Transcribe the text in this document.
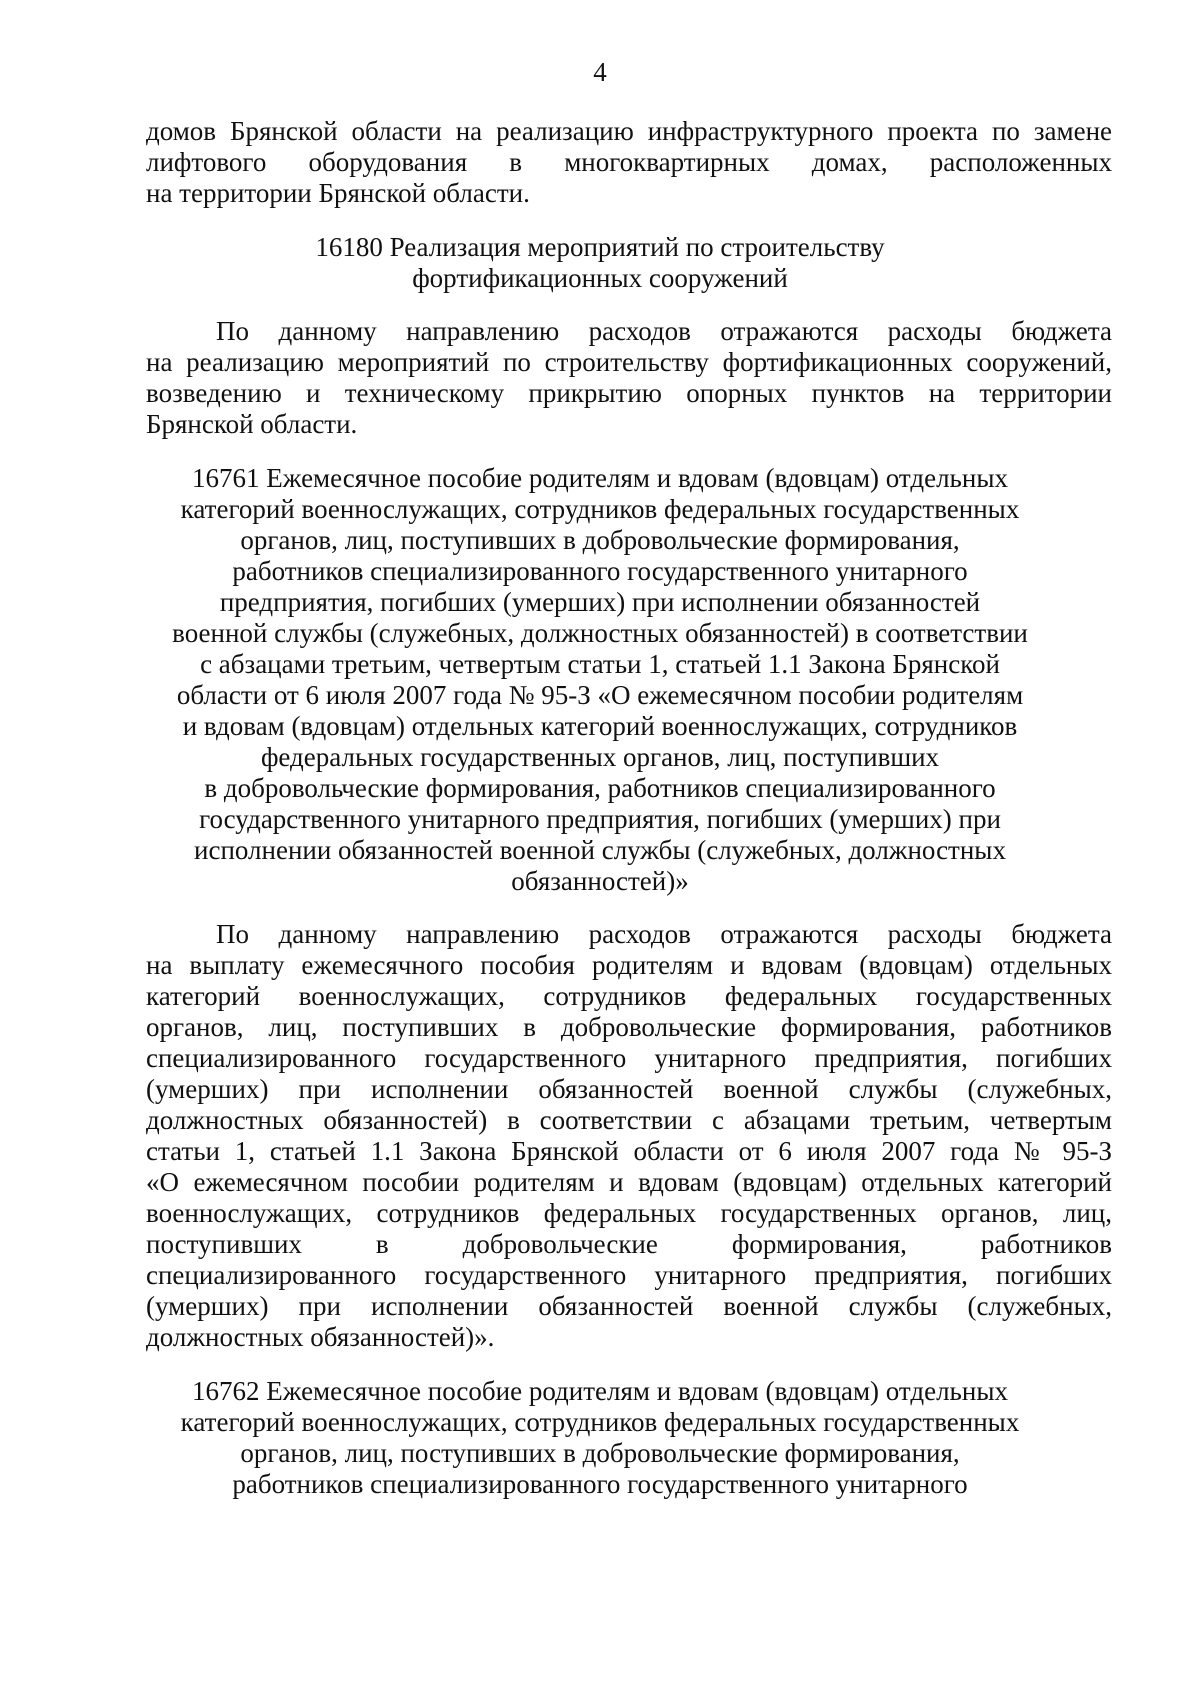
4

домов Брянской области на реализацию инфраструктурного проекта по замене

лифтового оборудования в многоквартирных домах, расположенных

на территории Брянской области.

16180 Реализация мероприятий по строительству

фортификационных сооружений

По данному направлению расходов отражаются расходы бюджета

на реализацию мероприятий по строительству фортификационных сооружений,

возведению и техническому прикрытию опорных пунктов на территории

Брянской области.

16761 Ежемесячное пособие родителям и вдовам (вдовцам) отдельных

категорий военнослужащих, сотрудников федеральных государственных

органов, лиц, поступивших в добровольческие формирования,

работников специализированного государственного унитарного

предприятия, погибших (умерших) при исполнении обязанностей

военной службы (служебных, должностных обязанностей) в соответствии

с абзацами третьим, четвертым статьи 1, статьей 1.1 Закона Брянской

области от 6 июля 2007 года № 95-З «О ежемесячном пособии родителям

и вдовам (вдовцам) отдельных категорий военнослужащих, сотрудников

федеральных государственных органов, лиц, поступивших

в добровольческие формирования, работников специализированного

государственного унитарного предприятия, погибших (умерших) при

исполнении обязанностей военной службы (служебных, должностных

обязанностей)»

По данному направлению расходов отражаются расходы бюджета

на выплату ежемесячного пособия родителям и вдовам (вдовцам) отдельных

категорий военнослужащих, сотрудников федеральных государственных

органов, лиц, поступивших в добровольческие формирования, работников

специализированного государственного унитарного предприятия, погибших

(умерших) при исполнении обязанностей военной службы (служебных,

должностных обязанностей) в соответствии с абзацами третьим, четвертым

статьи 1, статьей 1.1 Закона Брянской области от 6 июля 2007 года № 95-З

«О ежемесячном пособии родителям и вдовам (вдовцам) отдельных категорий

военнослужащих, сотрудников федеральных государственных органов, лиц,

поступивших в добровольческие формирования, работников

специализированного государственного унитарного предприятия, погибших

(умерших) при исполнении обязанностей военной службы (служебных,

должностных обязанностей)».

16762 Ежемесячное пособие родителям и вдовам (вдовцам) отдельных

категорий военнослужащих, сотрудников федеральных государственных

органов, лиц, поступивших в добровольческие формирования,

работников специализированного государственного унитарного
